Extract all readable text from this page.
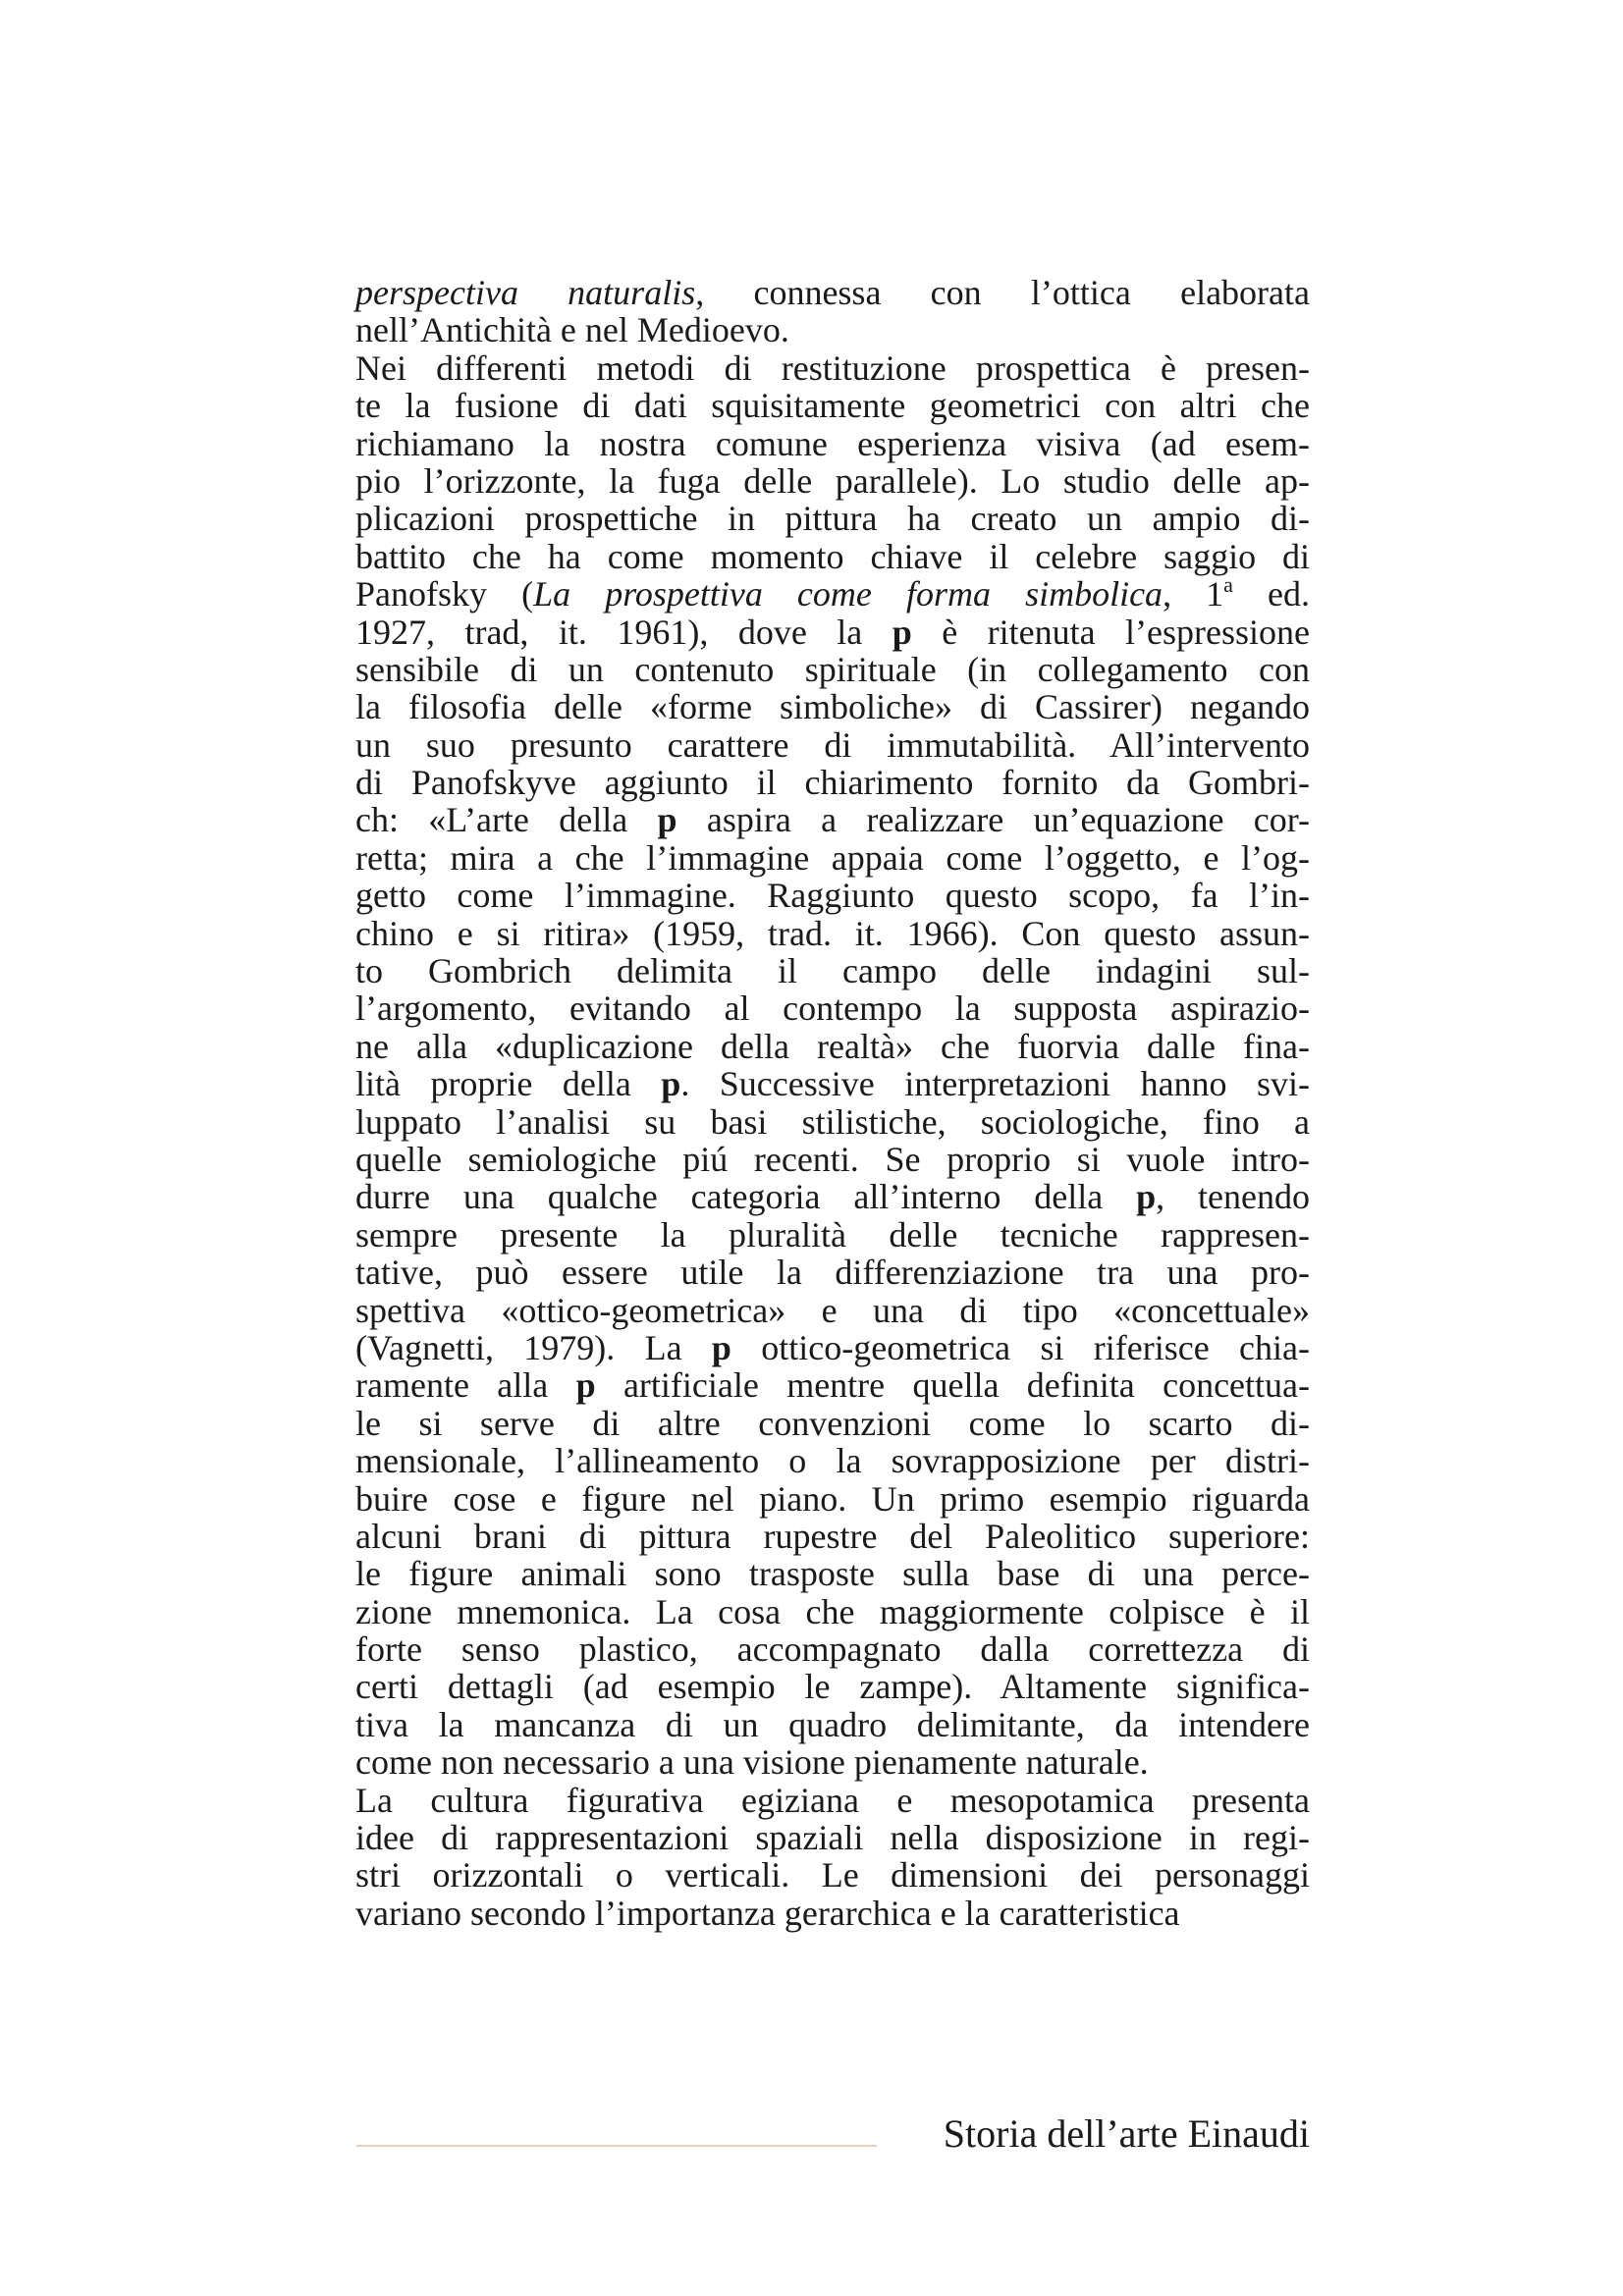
perspectiva naturalis, connessa con l’ottica elaborata
nell’Antichità e nel Medioevo.
Nei differenti metodi di restituzione prospettica è presen-
te la fusione di dati squisitamente geometrici con altri che
richiamano la nostra comune esperienza visiva (ad esem-
pio l’orizzonte, la fuga delle parallele). Lo studio delle ap-
plicazioni prospettiche in pittura ha creato un ampio di-
battito che ha come momento chiave il celebre saggio di
Panofsky (La prospettiva come forma simbolica, 1$^a$ ed.
1927, trad, it. 1961), dove la p è ritenuta l’espressione
sensibile di un contenuto spirituale (in collegamento con
la filosofia delle «forme simboliche» di Cassirer) negando
un suo presunto carattere di immutabilità. All’intervento
di Panofskyve aggiunto il chiarimento fornito da Gombri-
ch: «L’arte della p aspira a realizzare un’equazione cor-
retta; mira a che l’immagine appaia come l’oggetto, e l’og-
getto come l’immagine. Raggiunto questo scopo, fa l’in-
chino e si ritira» (1959, trad. it. 1966). Con questo assun-
to Gombrich delimita il campo delle indagini sul-
l’argomento, evitando al contempo la supposta aspirazio-
ne alla «duplicazione della realtà» che fuorvia dalle fina-
lità proprie della p. Successive interpretazioni hanno svi-
luppato l’analisi su basi stilistiche, sociologiche, fino a
quelle semiologiche piú recenti. Se proprio si vuole intro-
durre una qualche categoria all’interno della p, tenendo
sempre presente la pluralità delle tecniche rappresen-
tative, può essere utile la differenziazione tra una pro-
spettiva «ottico-geometrica» e una di tipo «concettuale»
(Vagnetti, 1979). La p ottico-geometrica si riferisce chia-
ramente alla p artificiale mentre quella definita concettua-
le si serve di altre convenzioni come lo scarto di-
mensionale, l’allineamento o la sovrapposizione per distri-
buire cose e figure nel piano. Un primo esempio riguarda
alcuni brani di pittura rupestre del Paleolitico superiore:
le figure animali sono trasposte sulla base di una perce-
zione mnemonica. La cosa che maggiormente colpisce è il
forte senso plastico, accompagnato dalla correttezza di
certi dettagli (ad esempio le zampe). Altamente significa-
tiva la mancanza di un quadro delimitante, da intendere
come non necessario a una visione pienamente naturale.
La cultura figurativa egiziana e mesopotamica presenta
idee di rappresentazioni spaziali nella disposizione in regi-
stri orizzontali o verticali. Le dimensioni dei personaggi
variano secondo l’importanza gerarchica e la caratteristica
Storia dell’arte Einaudi
